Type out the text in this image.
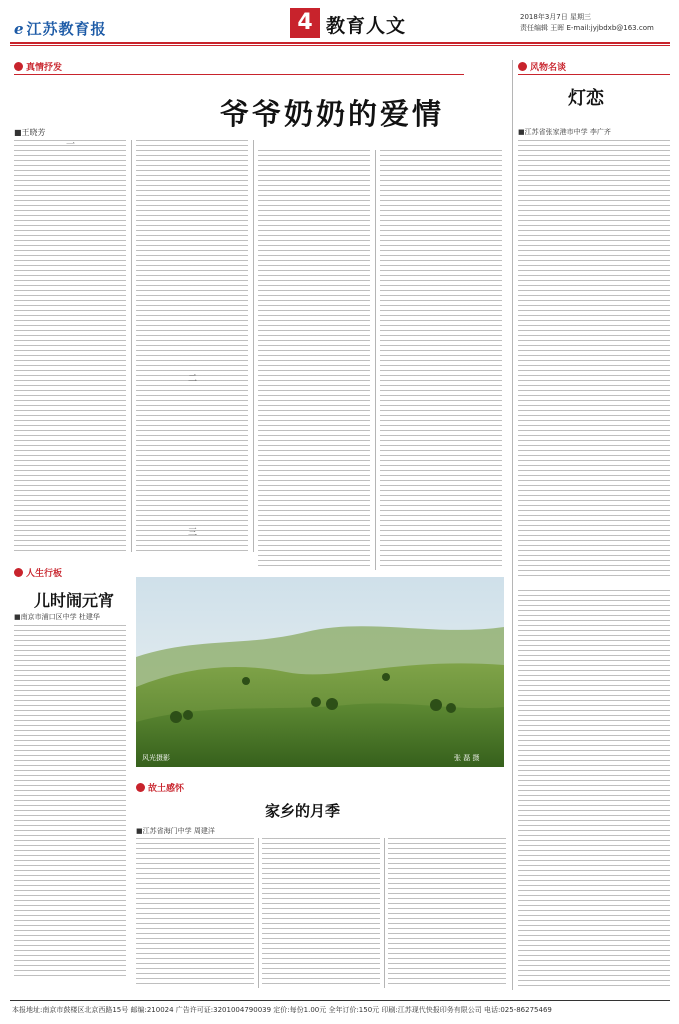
e 江苏教育报	4 教育人文	2018年3月7日 星期三
责任编辑 王晖 E-mail:jyjbdxb@163.com
真情抒发	风物名谈
爷爷奶奶的爱情
■王晓芳
一
二
三
灯恋
■江苏省张家港市中学 李广齐
人生行板
儿时闹元宵
■南京市浦口区中学 杜建华
风光摄影	张 磊 摄
故土感怀
家乡的月季
■江苏省海门中学 周建洋
本报地址:南京市鼓楼区北京西路15号 邮编:210024 广告许可证:3201004790039 定价:每份1.00元 全年订价:150元 印刷:江苏现代快报印务有限公司 电话:025-86275469
